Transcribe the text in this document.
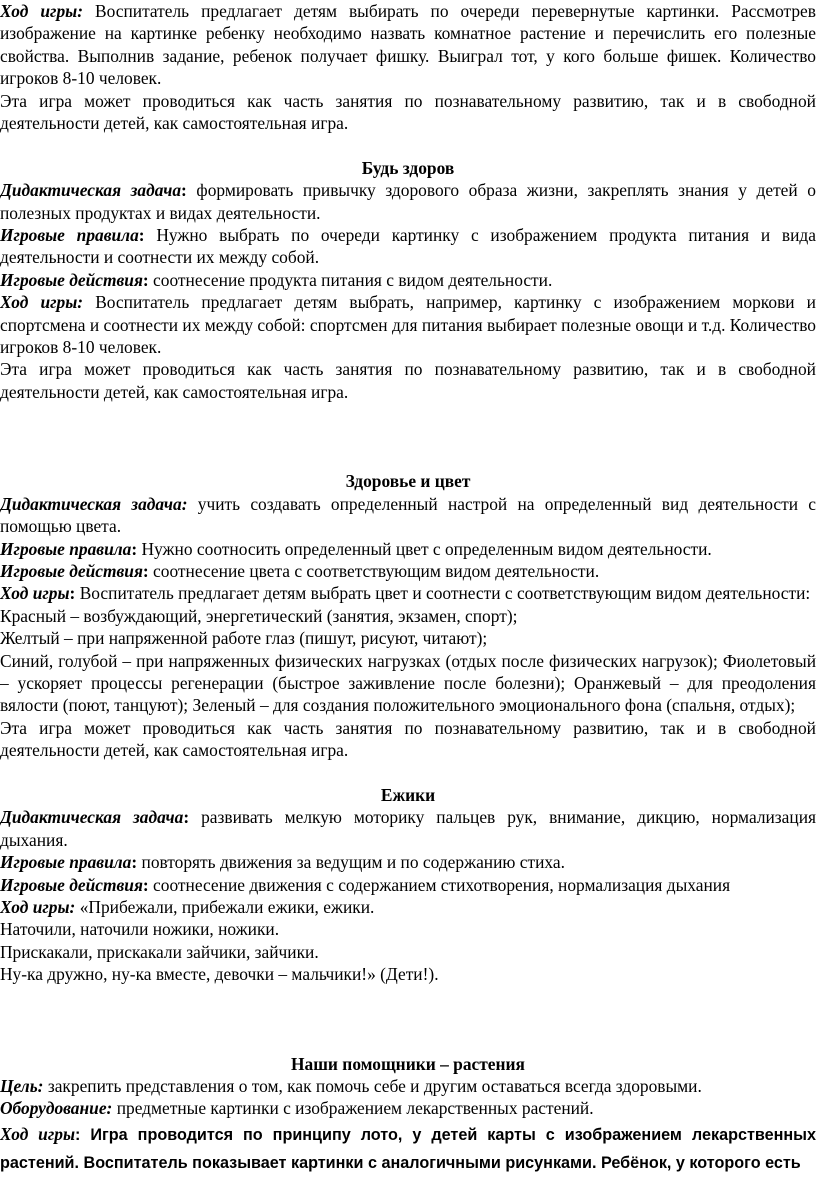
Ход игры: Воспитатель предлагает детям выбирать по очереди перевернутые картинки. Рассмотрев изображение на картинке ребенку необходимо назвать комнатное растение и перечислить его полезные свойства. Выполнив задание, ребенок получает фишку. Выиграл тот, у кого больше фишек. Количество игроков 8-10 человек.

Эта игра может проводиться как часть занятия по познавательному развитию, так и в свободной деятельности детей, как самостоятельная игра.

Будь здоров

Дидактическая задача: формировать привычку здорового образа жизни, закреплять знания у детей о полезных продуктах и видах деятельности.

Игровые правила: Нужно выбрать по очереди картинку с изображением продукта питания и вида деятельности и соотнести их между собой.

Игровые действия: соотнесение продукта питания с видом деятельности.

Ход игры: Воспитатель предлагает детям выбрать, например, картинку с изображением моркови и спортсмена и соотнести их между собой: спортсмен для питания выбирает полезные овощи и т.д. Количество игроков 8-10 человек.

Эта игра может проводиться как часть занятия по познавательному развитию, так и в свободной деятельности детей, как самостоятельная игра.

Здоровье и цвет

Дидактическая задача: учить создавать определенный настрой на определенный вид деятельности с помощью цвета.

Игровые правила: Нужно соотносить определенный цвет с определенным видом деятельности.

Игровые действия: соотнесение цвета с соответствующим видом деятельности.

Ход игры: Воспитатель предлагает детям выбрать цвет и соотнести с соответствующим видом деятельности:

Красный – возбуждающий, энергетический (занятия, экзамен, спорт);

Желтый – при напряженной работе глаз (пишут, рисуют, читают);

Синий, голубой – при напряженных физических нагрузках (отдых после физических нагрузок); Фиолетовый – ускоряет процессы регенерации (быстрое заживление после болезни); Оранжевый – для преодоления вялости (поют, танцуют); Зеленый – для создания положительного эмоционального фона (спальня, отдых);

Эта игра может проводиться как часть занятия по познавательному развитию, так и в свободной деятельности детей, как самостоятельная игра.

Ежики

Дидактическая задача: развивать мелкую моторику пальцев рук, внимание, дикцию, нормализация дыхания.

Игровые правила: повторять движения за ведущим и по содержанию стиха.

Игровые действия: соотнесение движения с содержанием стихотворения, нормализация дыхания

Ход игры: «Прибежали, прибежали ежики, ежики.

Наточили, наточили ножики, ножики.

Прискакали, прискакали зайчики, зайчики.

Ну-ка дружно, ну-ка вместе, девочки – мальчики!» (Дети!).

Наши помощники – растения

Цель: закрепить представления о том, как помочь себе и другим оставаться всегда здоровыми.

Оборудование: предметные картинки с изображением лекарственных растений.

Ход игры: Игра проводится по принципу лото, у детей карты с изображением лекарственных растений. Воспитатель показывает картинки с аналогичными рисунками. Ребёнок, у которого есть
